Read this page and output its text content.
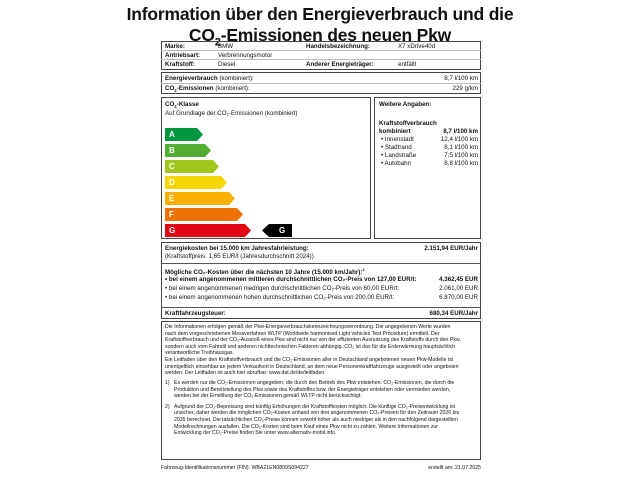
Information über den Energieverbrauch und die
$CO_2$-Emissionen des neuen Pkw
Marke:	BMW	Handelsbezeichnung:	X7 xDrive40d
Antriebsart:	Verbrennungsmotor
Kraftstoff:	Diesel	Anderer Energieträger:	entfällt
Energieverbrauch (kombiniert):	8,7 l/100 km
$CO_2$-Emissionen (kombiniert):	229 g/km
$CO_2$-Klasse
Auf Grundlage der CO₂-Emissionen (kombiniert)
A
B
C
D
E
F
G	G
Weitere Angaben:
Kraftstoffverbrauch
kombiniert	8,7 l/100 km
• Innenstadt	12,4 l/100 km
• Stadtrand	8,1 l/100 km
• Landstraße	7,5 l/100 km
• Autobahn	8,8 l/100 km
Energiekosten bei 15.000 km Jahresfahrleistung:	2.151,94 EUR/Jahr
(Kraftstoffpreis: 1,65 EUR/l (Jahresdurchschnitt 2024))
Mögliche CO₂-Kosten über die nächsten 10 Jahre (15.000 km/Jahr):$^2$
• bei einem angenommenen mittleren durchschnittlichen CO₂-Preis von 127,00 EUR/t:	4.362,45 EUR
• bei einem angenommenen niedrigen durchschnittlichen CO₂-Preis von 60,00 EUR/t:	2.061,00 EUR
• bei einem angenommenen hohen durchschnittlichen CO₂-Preis von 200,00 EUR/t:	6.870,00 EUR
Kraftfahrzeugsteuer:	680,34 EUR/Jahr
Die Informationen erfolgen gemäß der Pkw-Energieverbrauchskennzeichnungsverordnung. Die angegebenen Werte wurden
nach dem vorgeschriebenen Messverfahren WLTP (Worldwide harmonised Light vehicles Test Procedure) ermittelt. Der
Kraftstoffverbrauch und der CO₂-Ausstoß eines Pkw sind nicht nur von der effizienten Ausnutzung des Kraftstoffs durch den Pkw,
sondern auch vom Fahrstil und anderen nichttechnischen Faktoren abhängig. CO₂ ist das für die Erderwärmung hauptsächlich
verantwortliche Treibhausgas.
Ein Leitfaden über den Kraftstoffverbrauch und die CO₂-Emissionen aller in Deutschland angebotenen neuen Pkw-Modelle ist
unentgeltlich einsehbar an jedem Verkaufsort in Deutschland, an dem neue Personenkraftfahrzeuge ausgestellt oder angeboten
werden. Der Leitfaden ist auch hier abrufbar: www.dat.de/de/leitfaden.
1) Es werden nur die CO₂-Emissionen angegeben, die durch den Betrieb des Pkw entstehen. CO₂-Emissionen, die durch die
Produktion und Bereitstellung des Pkw sowie des Kraftstoffes bzw. der Energieträger entstehen oder vermieden werden,
werden bei der Ermittlung der CO₂-Emissionen gemäß WLTP nicht berücksichtigt.
2) Aufgrund der CO₂-Bepreisung sind künftig Erhöhungen der Kraftstoffkosten möglich. Die künftige CO₂-Preisentwicklung ist
unsicher, daher werden die möglichen CO₂-Kosten anhand von drei angenommenen CO₂-Preisen für den Zeitraum 2026 bis
2035 berechnet. Die tatsächlichen CO₂-Preise können sowohl höher als auch niedriger als in den nachfolgend dargestellten
Modellrechnungen ausfallen. Die CO₂-Kosten sind beim Kauf eines Pkw nicht zu zahlen. Weitere Informationen zur
Entwicklung der CO₂-Preise finden Sie unter www.alternativ-mobil.info.
Fahrzeug-Identifikationsnummer (FIN): WBA21EN0809S094227	erstellt am: 21.07.2025
